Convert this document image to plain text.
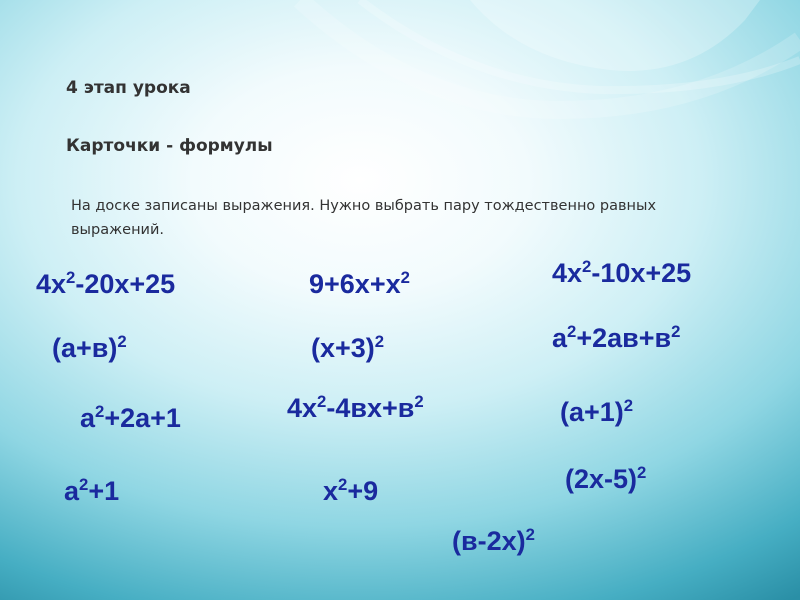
4 этап урока
Карточки - формулы
На доске записаны выражения. Нужно выбрать пару тождественно равных выражений.
$4x^2-20x+25$	$9+6x+x^2$	$4x^2-10x+25$
$(а+в)^2$	$(x+3)^2$	$а^2+2ав+в^2$
$а^2+2а+1$	$4x^2-4вx+в^2$	$(а+1)^2$
$а^2+1$	$x^2+9$	$(2x-5)^2$
$(в-2x)^2$
